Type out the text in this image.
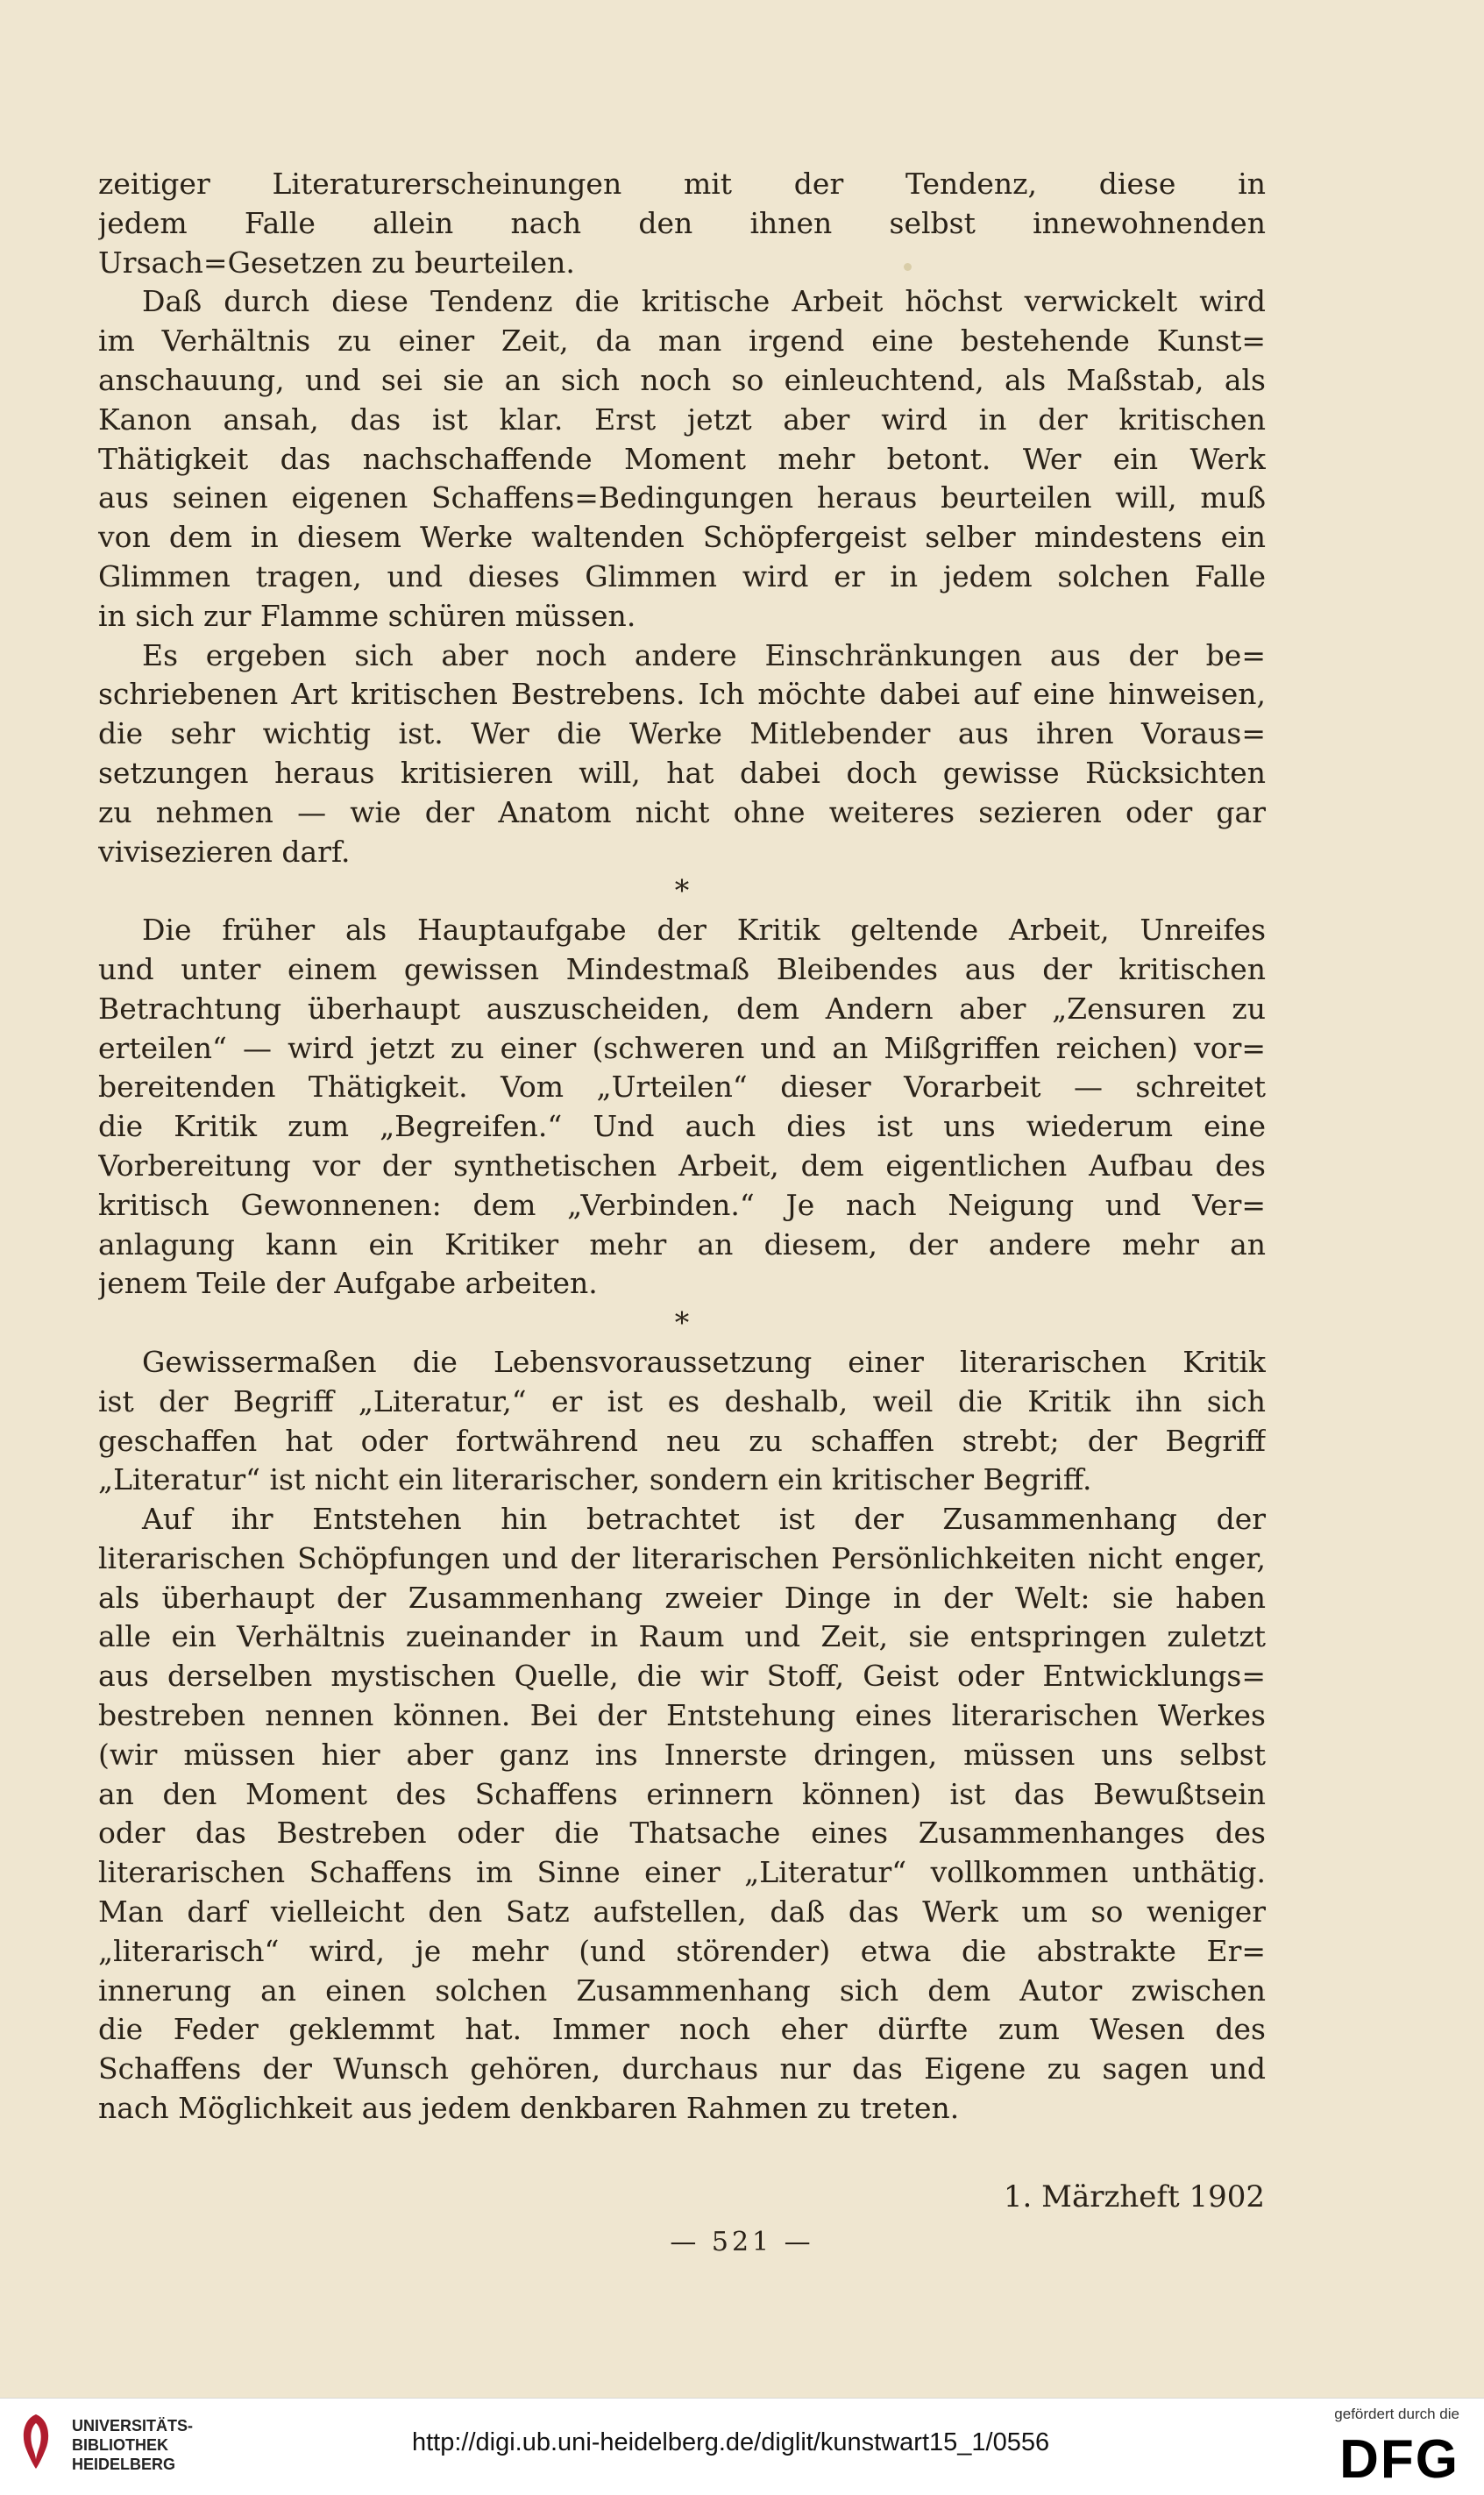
zeitiger Literaturerscheinungen mit der Tendenz, diese in
jedem Falle allein nach den ihnen selbst innewohnenden
Ursach=Gesetzen zu beurteilen.
Daß durch diese Tendenz die kritische Arbeit höchst verwickelt wird
im Verhältnis zu einer Zeit, da man irgend eine bestehende Kunst=
anschauung, und sei sie an sich noch so einleuchtend, als Maßstab, als
Kanon ansah, das ist klar. Erst jetzt aber wird in der kritischen
Thätigkeit das nachschaffende Moment mehr betont. Wer ein Werk
aus seinen eigenen Schaffens=Bedingungen heraus beurteilen will, muß
von dem in diesem Werke waltenden Schöpfergeist selber mindestens ein
Glimmen tragen, und dieses Glimmen wird er in jedem solchen Falle
in sich zur Flamme schüren müssen.
Es ergeben sich aber noch andere Einschränkungen aus der be=
schriebenen Art kritischen Bestrebens. Ich möchte dabei auf eine hinweisen,
die sehr wichtig ist. Wer die Werke Mitlebender aus ihren Voraus=
setzungen heraus kritisieren will, hat dabei doch gewisse Rücksichten
zu nehmen — wie der Anatom nicht ohne weiteres sezieren oder gar
vivisezieren darf.
*
Die früher als Hauptaufgabe der Kritik geltende Arbeit, Unreifes
und unter einem gewissen Mindestmaß Bleibendes aus der kritischen
Betrachtung überhaupt auszuscheiden, dem Andern aber „Zensuren zu
erteilen“ — wird jetzt zu einer (schweren und an Mißgriffen reichen) vor=
bereitenden Thätigkeit. Vom „Urteilen“ dieser Vorarbeit — schreitet
die Kritik zum „Begreifen.“ Und auch dies ist uns wiederum eine
Vorbereitung vor der synthetischen Arbeit, dem eigentlichen Aufbau des
kritisch Gewonnenen: dem „Verbinden.“ Je nach Neigung und Ver=
anlagung kann ein Kritiker mehr an diesem, der andere mehr an
jenem Teile der Aufgabe arbeiten.
*
Gewissermaßen die Lebensvoraussetzung einer literarischen Kritik
ist der Begriff „Literatur,“ er ist es deshalb, weil die Kritik ihn sich
geschaffen hat oder fortwährend neu zu schaffen strebt; der Begriff
„Literatur“ ist nicht ein literarischer, sondern ein kritischer Begriff.
Auf ihr Entstehen hin betrachtet ist der Zusammenhang der
literarischen Schöpfungen und der literarischen Persönlichkeiten nicht enger,
als überhaupt der Zusammenhang zweier Dinge in der Welt: sie haben
alle ein Verhältnis zueinander in Raum und Zeit, sie entspringen zuletzt
aus derselben mystischen Quelle, die wir Stoff, Geist oder Entwicklungs=
bestreben nennen können. Bei der Entstehung eines literarischen Werkes
(wir müssen hier aber ganz ins Innerste dringen, müssen uns selbst
an den Moment des Schaffens erinnern können) ist das Bewußtsein
oder das Bestreben oder die Thatsache eines Zusammenhanges des
literarischen Schaffens im Sinne einer „Literatur“ vollkommen unthätig.
Man darf vielleicht den Satz aufstellen, daß das Werk um so weniger
„literarisch“ wird, je mehr (und störender) etwa die abstrakte Er=
innerung an einen solchen Zusammenhang sich dem Autor zwischen
die Feder geklemmt hat. Immer noch eher dürfte zum Wesen des
Schaffens der Wunsch gehören, durchaus nur das Eigene zu sagen und
nach Möglichkeit aus jedem denkbaren Rahmen zu treten.
1. Märzheft 1902
— 521 —
UNIVERSITÄTS-
BIBLIOTHEK
HEIDELBERG
http://digi.ub.uni-heidelberg.de/diglit/kunstwart15_1/0556
gefördert durch die
DFG
